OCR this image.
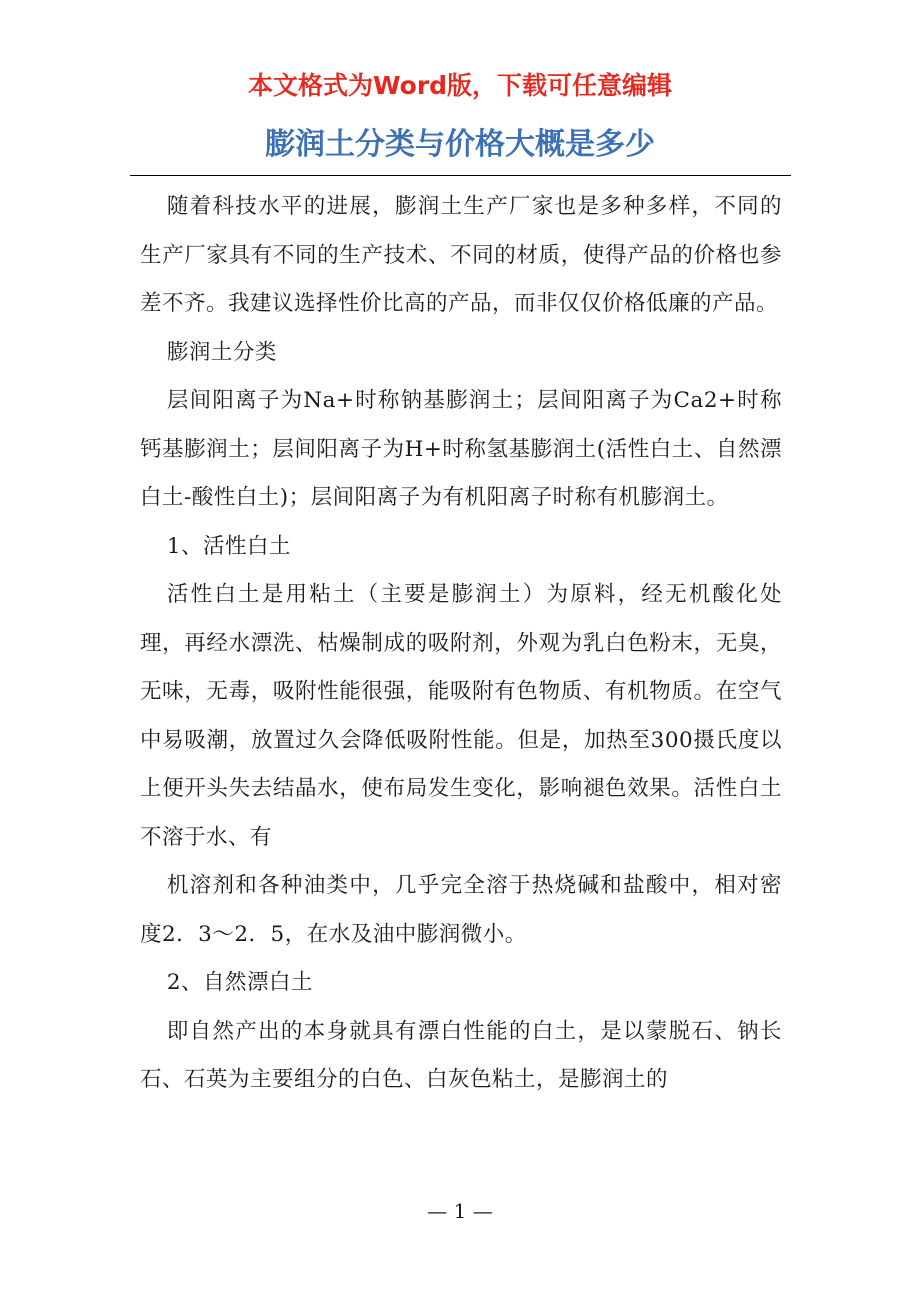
本文格式为Word版，下载可任意编辑
膨润土分类与价格大概是多少

随着科技水平的进展，膨润土生产厂家也是多种多样，不同的生产厂家具有不同的生产技术、不同的材质，使得产品的价格也参差不齐。我建议选择性价比高的产品，而非仅仅价格低廉的产品。

膨润土分类

层间阳离子为Na+时称钠基膨润土；层间阳离子为Ca2+时称钙基膨润土；层间阳离子为H+时称氢基膨润土(活性白土、自然漂白土-酸性白土)；层间阳离子为有机阳离子时称有机膨润土。

1、活性白土

活性白土是用粘土（主要是膨润土）为原料，经无机酸化处理，再经水漂洗、枯燥制成的吸附剂，外观为乳白色粉末，无臭，无味，无毒，吸附性能很强，能吸附有色物质、有机物质。在空气中易吸潮，放置过久会降低吸附性能。但是，加热至300摄氏度以上便开头失去结晶水，使布局发生变化，影响褪色效果。活性白土不溶于水、有

机溶剂和各种油类中，几乎完全溶于热烧碱和盐酸中，相对密度2．3～2．5，在水及油中膨润微小。

2、自然漂白土

即自然产出的本身就具有漂白性能的白土，是以蒙脱石、钠长石、石英为主要组分的白色、白灰色粘土，是膨润土的

— 1 —
